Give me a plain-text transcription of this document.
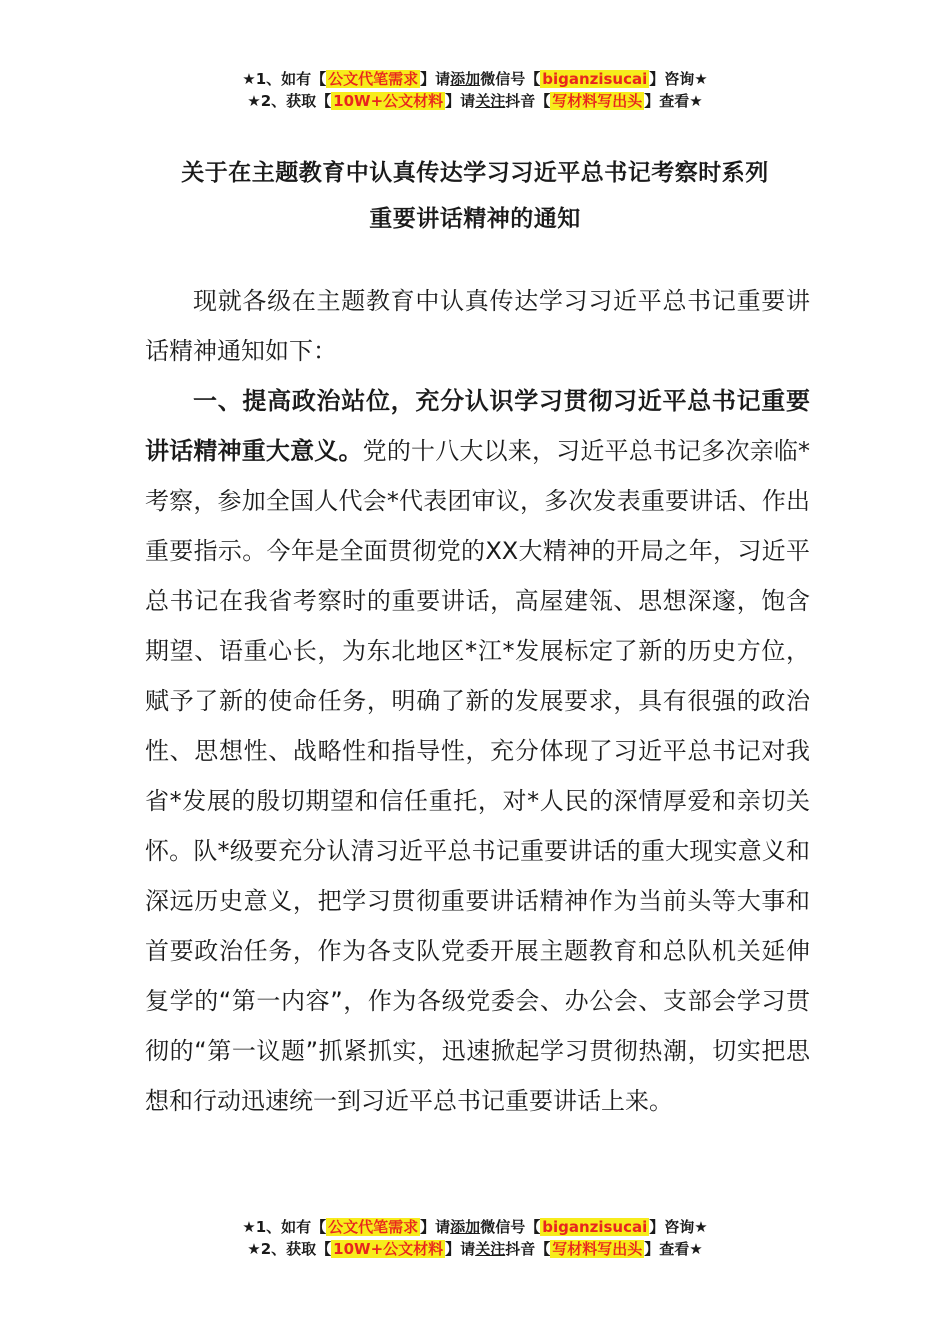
★1、如有【 公文代笔需求 】请添加微信号【 biganzisucai 】咨询★
★2、获取【 10W+公文材料 】请关注抖音【 写材料写出头 】查看★
关于在主题教育中认真传达学习习近平总书记考察时系列
重要讲话精神的通知

现就各级在主题教育中认真传达学习习近平总书记重要讲话精神通知如下：

一、提高政治站位，充分认识学习贯彻习近平总书记重要讲话精神重大意义。党的十八大以来，习近平总书记多次亲临*考察，参加全国人代会*代表团审议，多次发表重要讲话、作出重要指示。今年是全面贯彻党的XX大精神的开局之年，习近平总书记在我省考察时的重要讲话，高屋建瓴、思想深邃，饱含期望、语重心长，为东北地区*江*发展标定了新的历史方位，赋予了新的使命任务，明确了新的发展要求，具有很强的政治性、思想性、战略性和指导性，充分体现了习近平总书记对我省*发展的殷切期望和信任重托，对*人民的深情厚爱和亲切关怀。队*级要充分认清习近平总书记重要讲话的重大现实意义和深远历史意义，把学习贯彻重要讲话精神作为当前头等大事和首要政治任务，作为各支队党委开展主题教育和总队机关延伸复学的“第一内容”，作为各级党委会、办公会、支部会学习贯彻的“第一议题”抓紧抓实，迅速掀起学习贯彻热潮，切实把思想和行动迅速统一到习近平总书记重要讲话上来。

★1、如有【 公文代笔需求 】请添加微信号【 biganzisucai 】咨询★
★2、获取【 10W+公文材料 】请关注抖音【 写材料写出头 】查看★
